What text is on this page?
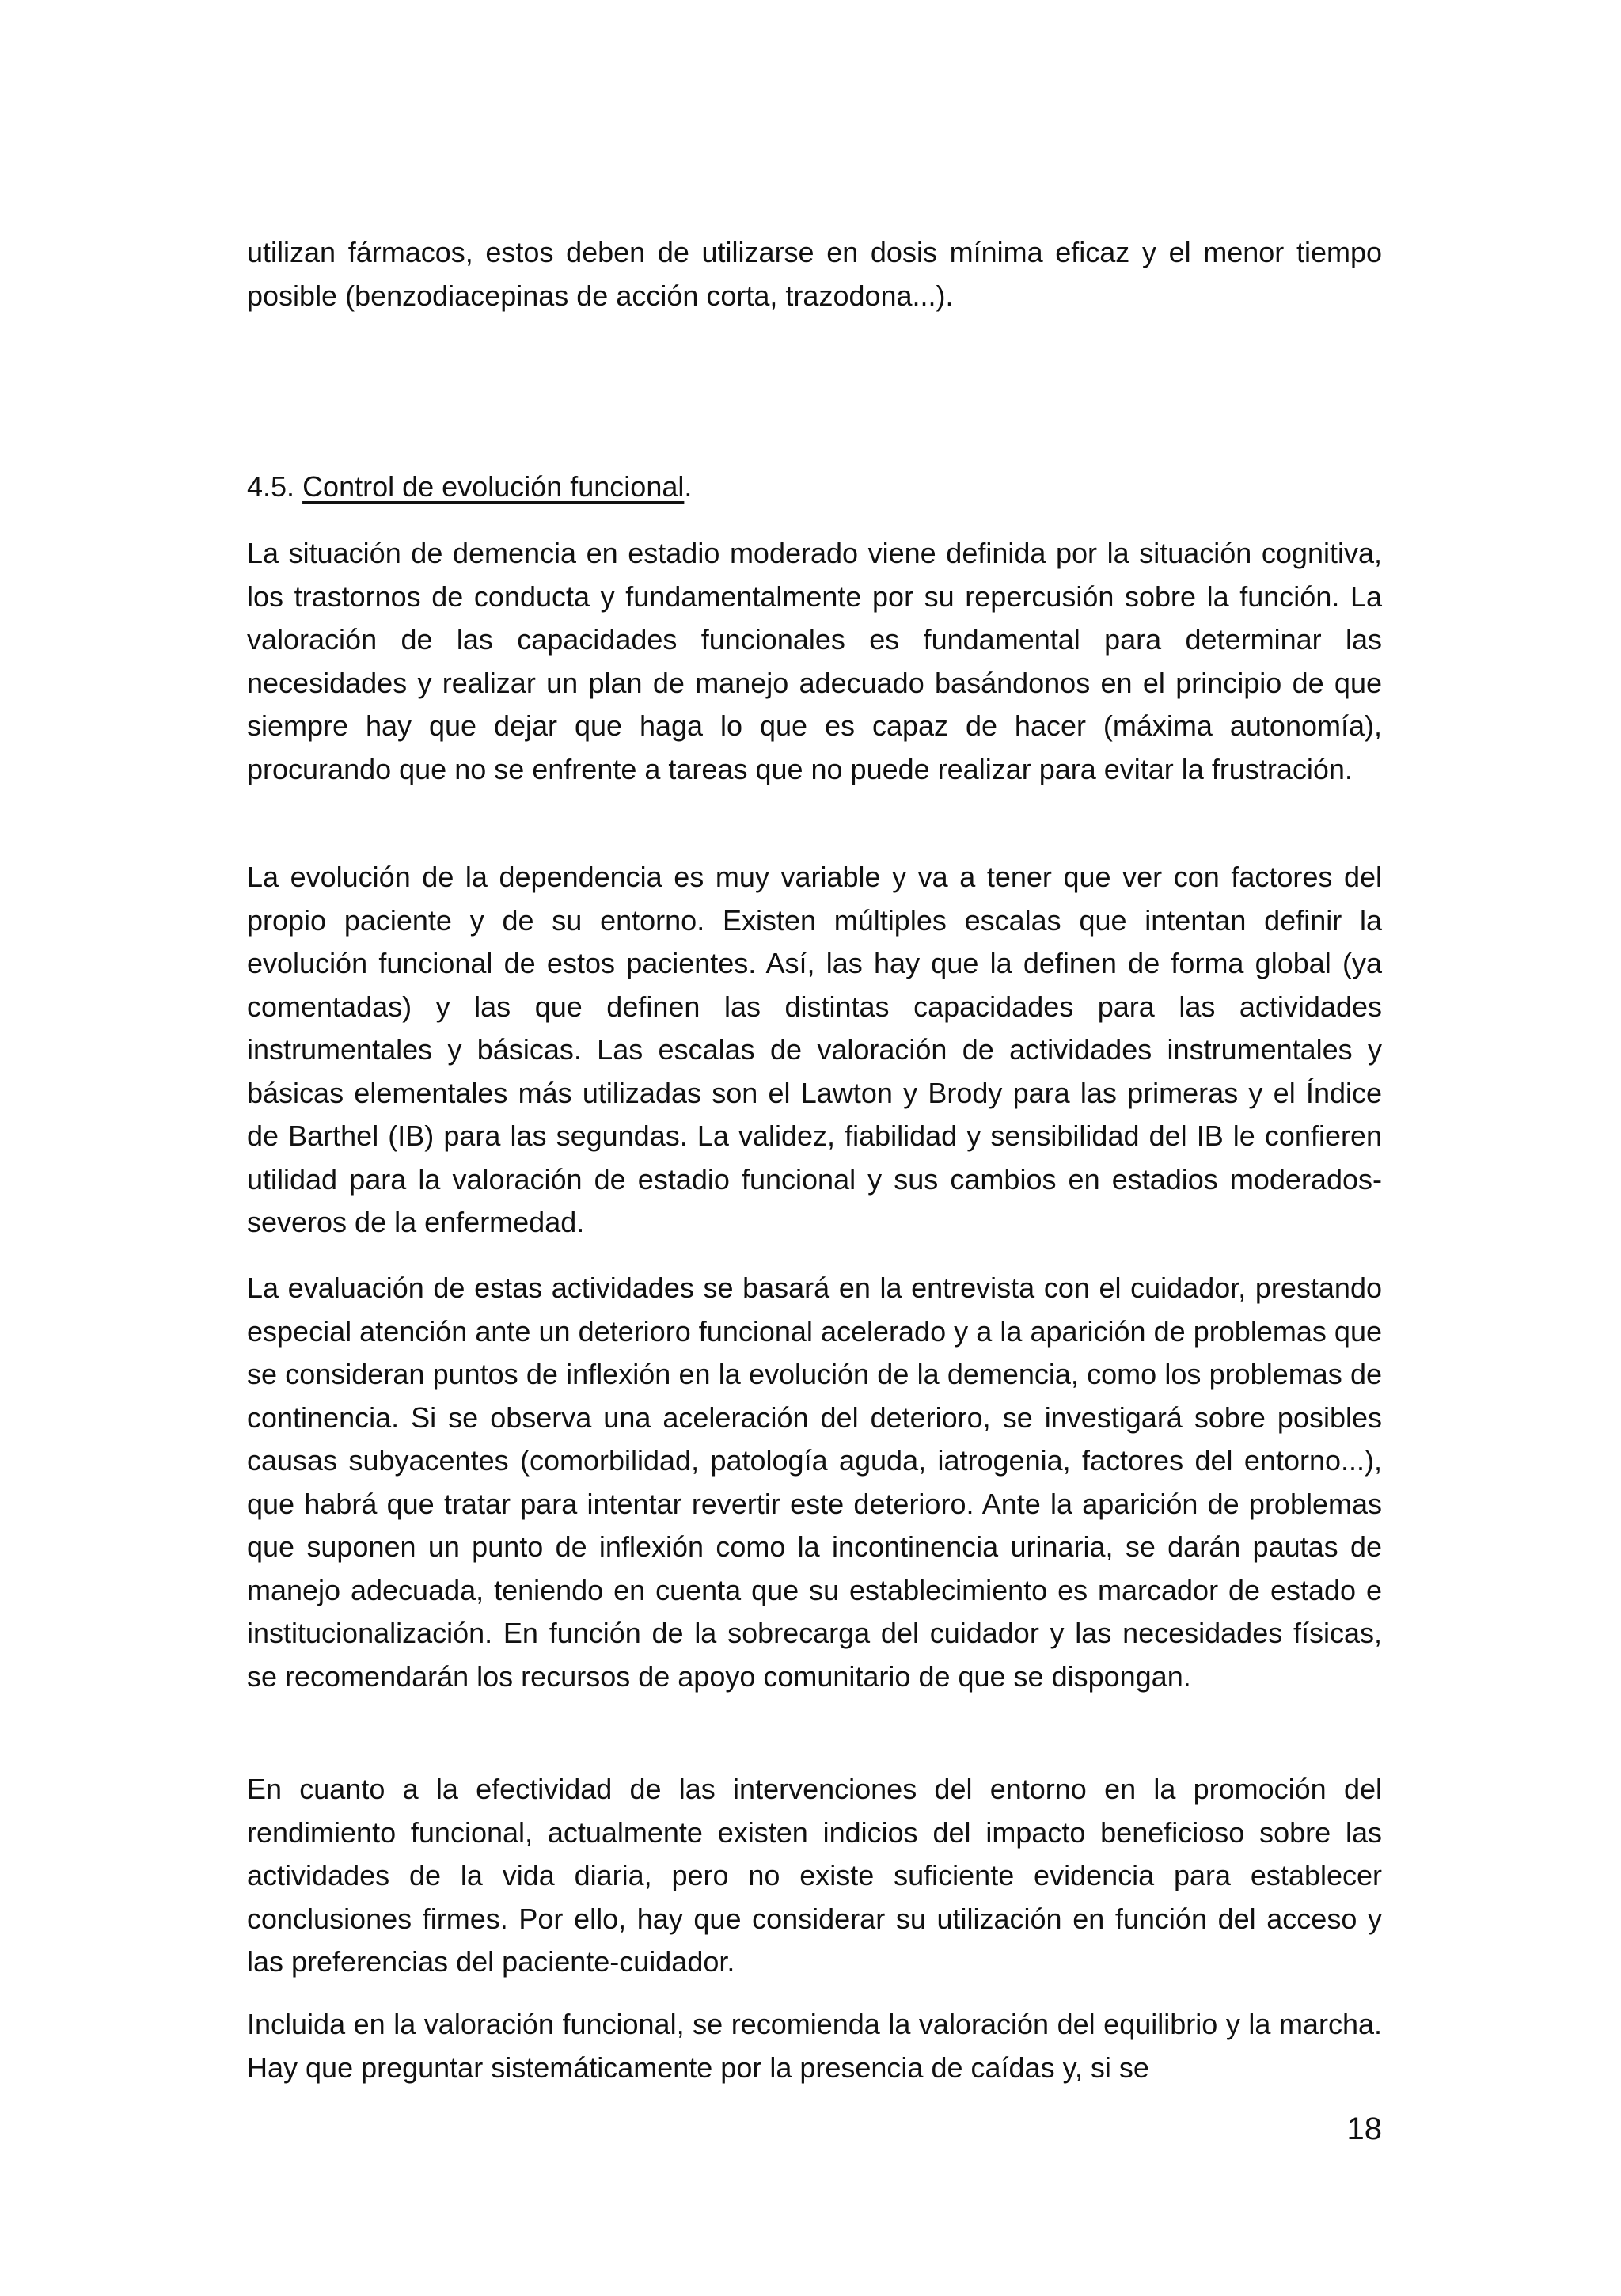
utilizan fármacos, estos deben de utilizarse en dosis mínima eficaz y el menor tiempo posible (benzodiacepinas de acción corta, trazodona...).

4.5. Control de evolución funcional.

La situación de demencia en estadio moderado viene definida por la situación cognitiva, los trastornos de conducta y fundamentalmente por su repercusión sobre la función. La valoración de las capacidades funcionales es fundamental para determinar las necesidades y realizar un plan de manejo adecuado basándonos en el principio de que siempre hay que dejar que haga lo que es capaz de hacer (máxima autonomía), procurando que no se enfrente a tareas que no puede realizar para evitar la frustración.

La evolución de la dependencia es muy variable y va a tener que ver con factores del propio paciente y de su entorno. Existen múltiples escalas que intentan definir la evolución funcional de estos pacientes. Así, las hay que la definen de forma global (ya comentadas) y las que definen las distintas capacidades para las actividades instrumentales y básicas. Las escalas de valoración de actividades instrumentales y básicas elementales más utilizadas son el Lawton y Brody para las primeras y el Índice de Barthel (IB) para las segundas. La validez, fiabilidad y sensibilidad del IB le confieren utilidad para la valoración de estadio funcional y sus cambios en estadios moderados-severos de la enfermedad.

La evaluación de estas actividades se basará en la entrevista con el cuidador, prestando especial atención ante un deterioro funcional acelerado y a la aparición de problemas que se consideran puntos de inflexión en la evolución de la demencia, como los problemas de continencia. Si se observa una aceleración del deterioro, se investigará sobre posibles causas subyacentes (comorbilidad, patología aguda, iatrogenia, factores del entorno...), que habrá que tratar para intentar revertir este deterioro. Ante la aparición de problemas que suponen un punto de inflexión como la incontinencia urinaria, se darán pautas de manejo adecuada, teniendo en cuenta que su establecimiento es marcador de estado e institucionalización. En función de la sobrecarga del cuidador y las necesidades físicas, se recomendarán los recursos de apoyo comunitario de que se dispongan.

En cuanto a la efectividad de las intervenciones del entorno en la promoción del rendimiento funcional, actualmente existen indicios del impacto beneficioso sobre las actividades de la vida diaria, pero no existe suficiente evidencia para establecer conclusiones firmes. Por ello, hay que considerar su utilización en función del acceso y las preferencias del paciente-cuidador.

Incluida en la valoración funcional, se recomienda la valoración del equilibrio y la marcha. Hay que preguntar sistemáticamente por la presencia de caídas y, si se

18
